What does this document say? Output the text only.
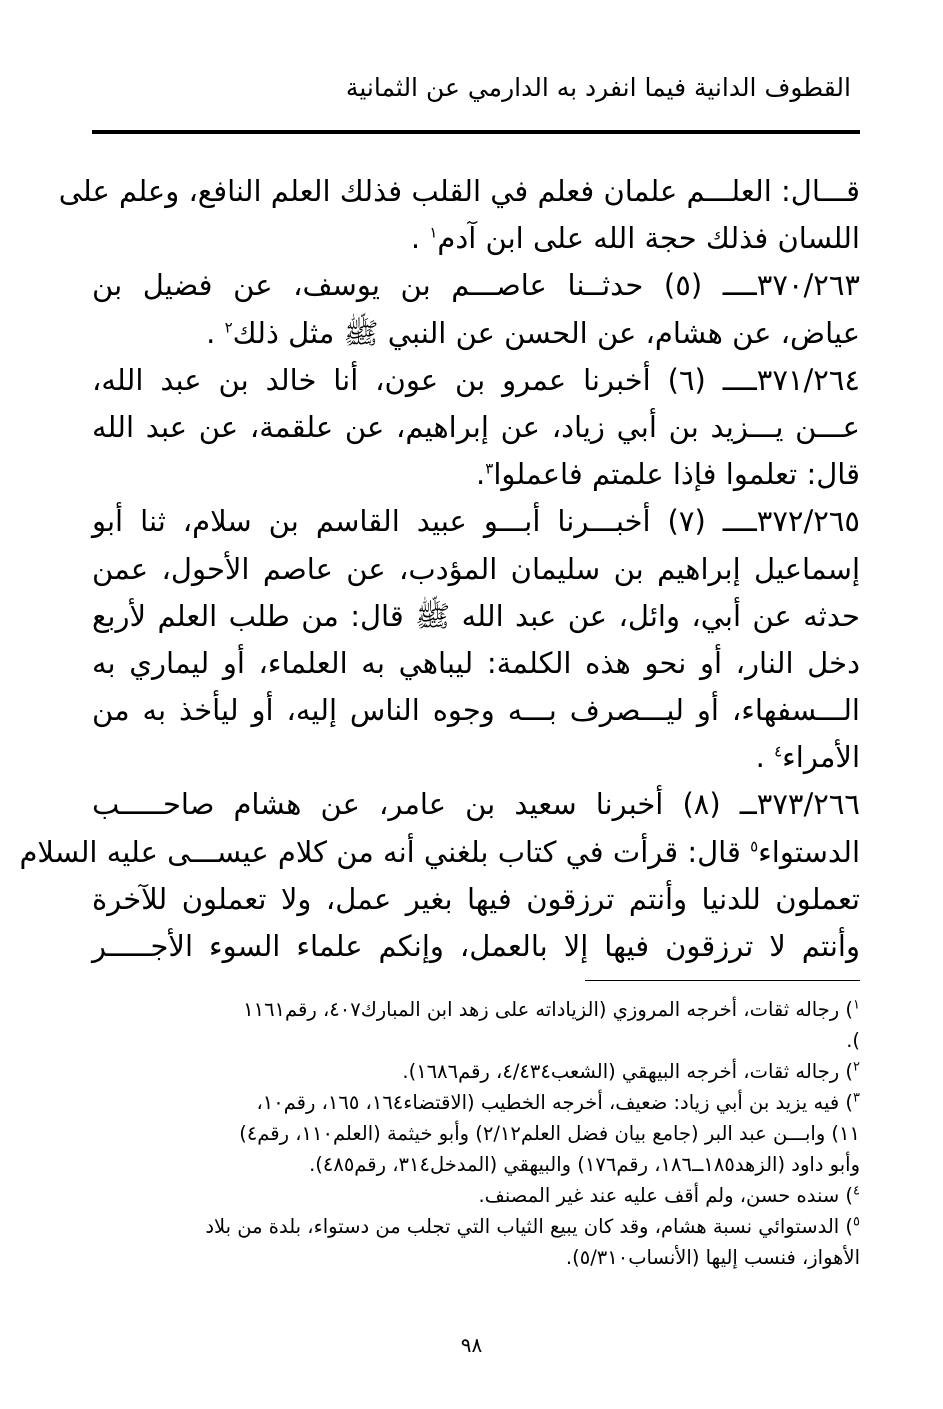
القطوف الدانية فيما انفرد به الدارمي عن الثمانية
قـــال: العلـــم علمان فعلم في القلب فذلك العلم النافع، وعلم على
اللسان فذلك حجة الله على ابن آدم$^١$ .
٣٧٠/٢٦٣ــــ (٥) حدثــنا عاصـــم بن يوسف، عن فضيل بن
عياض، عن هشام، عن الحسن عن النبي ﷺ مثل ذلك$^٢$ .
٣٧١/٢٦٤ــــ (٦) أخبرنا عمرو بن عون، أنا خالد بن عبد الله،
عـــن يـــزيد بن أبي زياد، عن إبراهيم، عن علقمة، عن عبد الله
قال: تعلموا فإذا علمتم فاعملوا$^٣$.
٣٧٢/٢٦٥ــــ (٧) أخبـــرنا أبـــو عبيد القاسم بن سلام، ثنا أبو
إسماعيل إبراهيم بن سليمان المؤدب، عن عاصم الأحول، عمن
حدثه عن أبي، وائل، عن عبد الله ﷺ قال: من طلب العلم لأربع
دخل النار، أو نحو هذه الكلمة: ليباهي به العلماء، أو ليماري به
الـــسفهاء، أو ليـــصرف بـــه وجوه الناس إليه، أو ليأخذ به من
الأمراء$^٤$ .
٣٧٣/٢٦٦ــ (٨) أخبرنا سعيد بن عامر، عن هشام صاحـــــب
الدستواء$^٥$ قال: قرأت في كتاب بلغني أنه من كلام عيســـى عليه السلام
تعملون للدنيا وأنتم ترزقون فيها بغير عمل، ولا تعملون للآخرة
وأنتم لا ترزقون فيها إلا بالعمل، وإنكم علماء السوء الأجـــــر
$^١$) رجاله ثقات، أخرجه المروزي (الزياداته على زهد ابن المبارك٤٠٧، رقم١١٦١
).
$^٢$) رجاله ثقات، أخرجه البيهقي (الشعب٤/٤٣٤، رقم١٦٨٦).
$^٣$) فيه يزيد بن أبي زياد: ضعيف، أخرجه الخطيب (الاقتضاء١٦٤، ١٦٥، رقم١٠،
١١) وابـــن عبد البر (جامع بيان فضل العلم٢/١٢) وأبو خيثمة (العلم١١٠، رقم٤)
وأبو داود (الزهد١٨٥ــ١٨٦، رقم١٧٦) والبيهقي (المدخل٣١٤، رقم٤٨٥).
$^٤$) سنده حسن، ولم أقف عليه عند غير المصنف.
$^٥$) الدستوائي نسبة هشام، وقد كان يبيع الثياب التي تجلب من دستواء، بلدة من بلاد
الأهواز، فنسب إليها (الأنساب٥/٣١٠).
٩٨
